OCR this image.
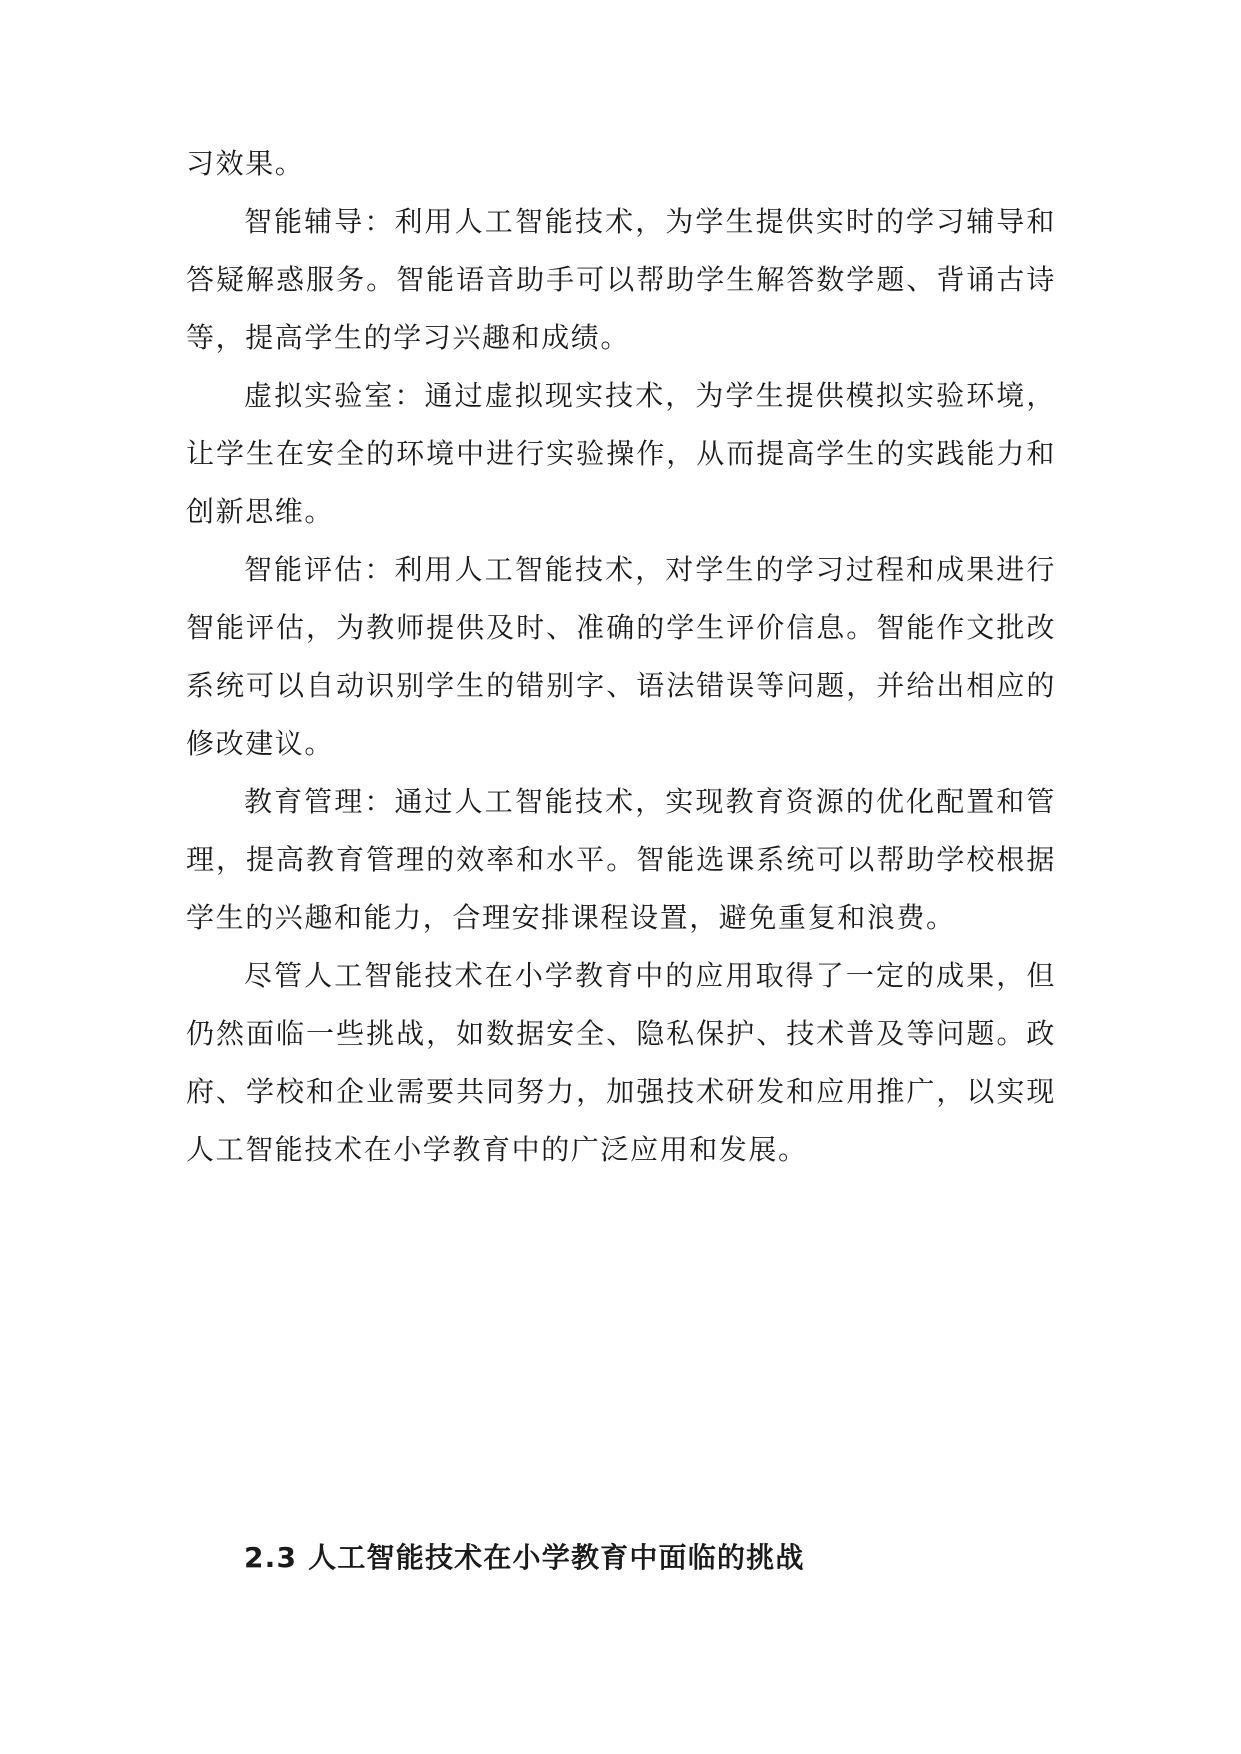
习效果。

智能辅导：利用人工智能技术，为学生提供实时的学习辅导和答疑解惑服务。智能语音助手可以帮助学生解答数学题、背诵古诗等，提高学生的学习兴趣和成绩。

虚拟实验室：通过虚拟现实技术，为学生提供模拟实验环境，让学生在安全的环境中进行实验操作，从而提高学生的实践能力和创新思维。

智能评估：利用人工智能技术，对学生的学习过程和成果进行智能评估，为教师提供及时、准确的学生评价信息。智能作文批改系统可以自动识别学生的错别字、语法错误等问题，并给出相应的修改建议。

教育管理：通过人工智能技术，实现教育资源的优化配置和管理，提高教育管理的效率和水平。智能选课系统可以帮助学校根据学生的兴趣和能力，合理安排课程设置，避免重复和浪费。

尽管人工智能技术在小学教育中的应用取得了一定的成果，但仍然面临一些挑战，如数据安全、隐私保护、技术普及等问题。政府、学校和企业需要共同努力，加强技术研发和应用推广，以实现人工智能技术在小学教育中的广泛应用和发展。

2.3 人工智能技术在小学教育中面临的挑战
